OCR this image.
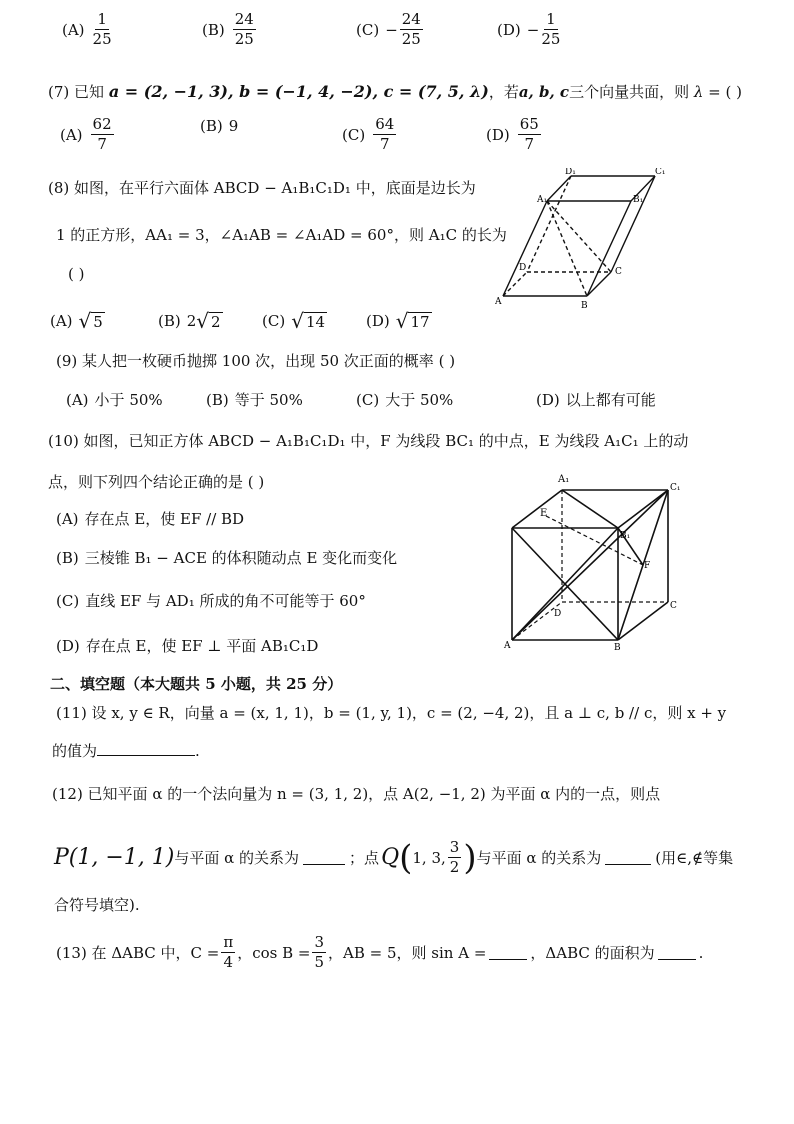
$(A) \frac{1}{25}$	$(B) \frac{24}{25}$	$(C) - \frac{24}{25}$	$(D) - \frac{1}{25}$
(7) 已知 a = (2, −1, 3), b = (−1, 4, −2), c = (7, 5, λ)，若a, b, c三个向量共面，则 λ = ( )
$(A) \frac{62}{7}$	(B) 9	$(C) \frac{64}{7}$	$(D) \frac{65}{7}$
(8) 如图，在平行六面体 ABCD − A₁B₁C₁D₁ 中，底面是边长为
1 的正方形，AA₁ = 3，∠A₁AB = ∠A₁AD = 60°，则 A₁C 的长为
( )
(A) √ 5	(B) 2 √ 2	(C) √ 14	(D) √ 17
D₁	C₁
A₁	B₁
D	C
A	B
(9) 某人把一枚硬币抛掷 100 次，出现 50 次正面的概率 ( )
(A) 小于 50%	(B) 等于 50%	(C) 大于 50%	(D) 以上都有可能
(10) 如图，已知正方体 ABCD − A₁B₁C₁D₁ 中，F 为线段 BC₁ 的中点，E 为线段 A₁C₁ 上的动
点，则下列四个结论正确的是 ( )
(A) 存在点 E，使 EF // BD
(B) 三棱锥 B₁ − ACE 的体积随动点 E 变化而变化
(C) 直线 EF 与 AD₁ 所成的角不可能等于 60°
(D) 存在点 E，使 EF ⊥ 平面 AB₁C₁D
A₁
C₁
E
B₁
F
A
D
C
B
二、填空题（本大题共 5 小题，共 25 分）
(11) 设 x, y ∈ R，向量 a = (x, 1, 1)，b = (1, y, 1)，c = (2, −4, 2)，且 a ⊥ c, b // c，则 x + y
的值为	.
(12) 已知平面 α 的一个法向量为 n = (3, 1, 2)，点 A(2, −1, 2) 为平面 α 内的一点，则点
P(1, −1, 1) 与平面 α 的关系为	；点 Q ( 1, 3, $\frac{3}{2}$ ) 与平面 α 的关系为	(用∈,∉等集
合符号填空).
(13) 在 ΔABC 中，$C = \frac{\pi}{4}$ ，$\cos B = \frac{3}{5}$ ，AB = 5，则 sin A =	，ΔABC 的面积为	.
